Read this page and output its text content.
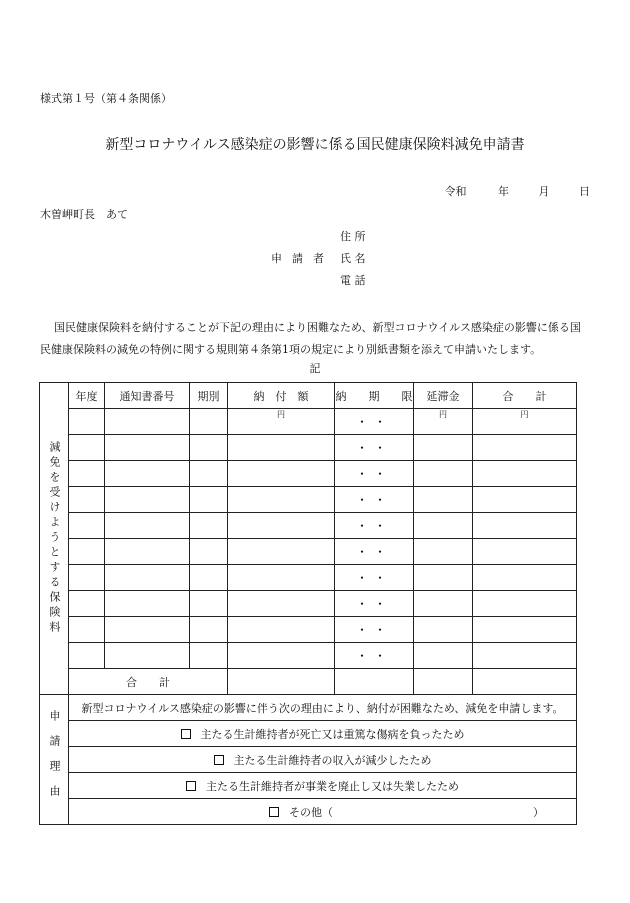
様式第１号（第４条関係）
新型コロナウイルス感染症の影響に係る国民健康保険料減免申請書
令和	年	月	日
木曽岬町長　あて
住 所
申請者 氏 名
電 話
国民健康保険料を納付することが下記の理由により困難なため、新型コロナウイルス感染症の影響に係る国民健康保険料の減免の特例に関する規則第４条第1項の規定により別紙書類を添えて申請いたします。
記
減免を受けようとする保険料	年度	通知書番号	期別	納　付　額	納　　期　　限	延滞金	合　　計
				円	・・	円	円
					・・		
					・・		
					・・		
					・・		
					・・		
					・・		
					・・		
					・・		
					・・		
	合　　計						
申請理由	新型コロナウイルス感染症の影響に伴う次の理由により、納付が困難なため、減免を申請します。						
	主たる生計維持者が死亡又は重篤な傷病を負ったため						
	主たる生計維持者の収入が減少したため						
	主たる生計維持者が事業を廃止し又は失業したため						
	その他（ ）						
